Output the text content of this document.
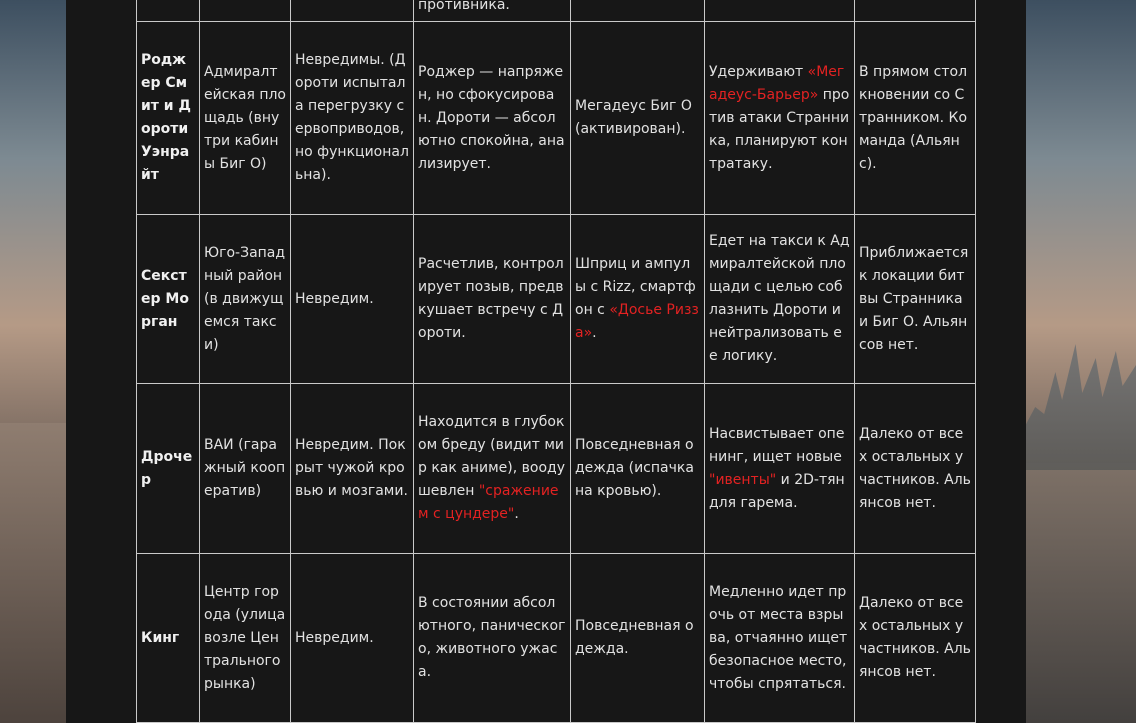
			противника.			
Роджер Смит и Дороти Уэнрайт	Адмиралтейская площадь (внутри кабины Биг О)	Невредимы. (Дороти испытала перегрузку сервоприводов, но функциональна).	Роджер — напряжен, но сфокусирован. Дороти — абсолютно спокойна, анализирует.	Мегадеус Биг О (активирован).	Удерживают «Мегадеус-Барьер» против атаки Странника, планируют контратаку.	В прямом столкновении со Странником. Команда (Альянс).
Секстер Морган	Юго-Западный район (в движущемся такси)	Невредим.	Расчетлив, контролирует позыв, предвкушает встречу с Дороти.	Шприц и ампулы с Rizz, смартфон с «Досье Ризза».	Едет на такси к Адмиралтейской площади с целью соблазнить Дороти и нейтрализовать ее логику.	Приближается к локации битвы Странника и Биг О. Альянсов нет.
Дрочер	ВАИ (гаражный кооператив)	Невредим. Покрыт чужой кровью и мозгами.	Находится в глубоком бреду (видит мир как аниме), воодушевлен "сражением с цундере".	Повседневная одежда (испачкана кровью).	Насвистывает опенинг, ищет новые "ивенты" и 2D-тян для гарема.	Далеко от всех остальных участников. Альянсов нет.
Кинг	Центр города (улица возле Центрального рынка)	Невредим.	В состоянии абсолютного, панического, животного ужаса.	Повседневная одежда.	Медленно идет прочь от места взрыва, отчаянно ищет безопасное место, чтобы спрятаться.	Далеко от всех остальных участников. Альянсов нет.
